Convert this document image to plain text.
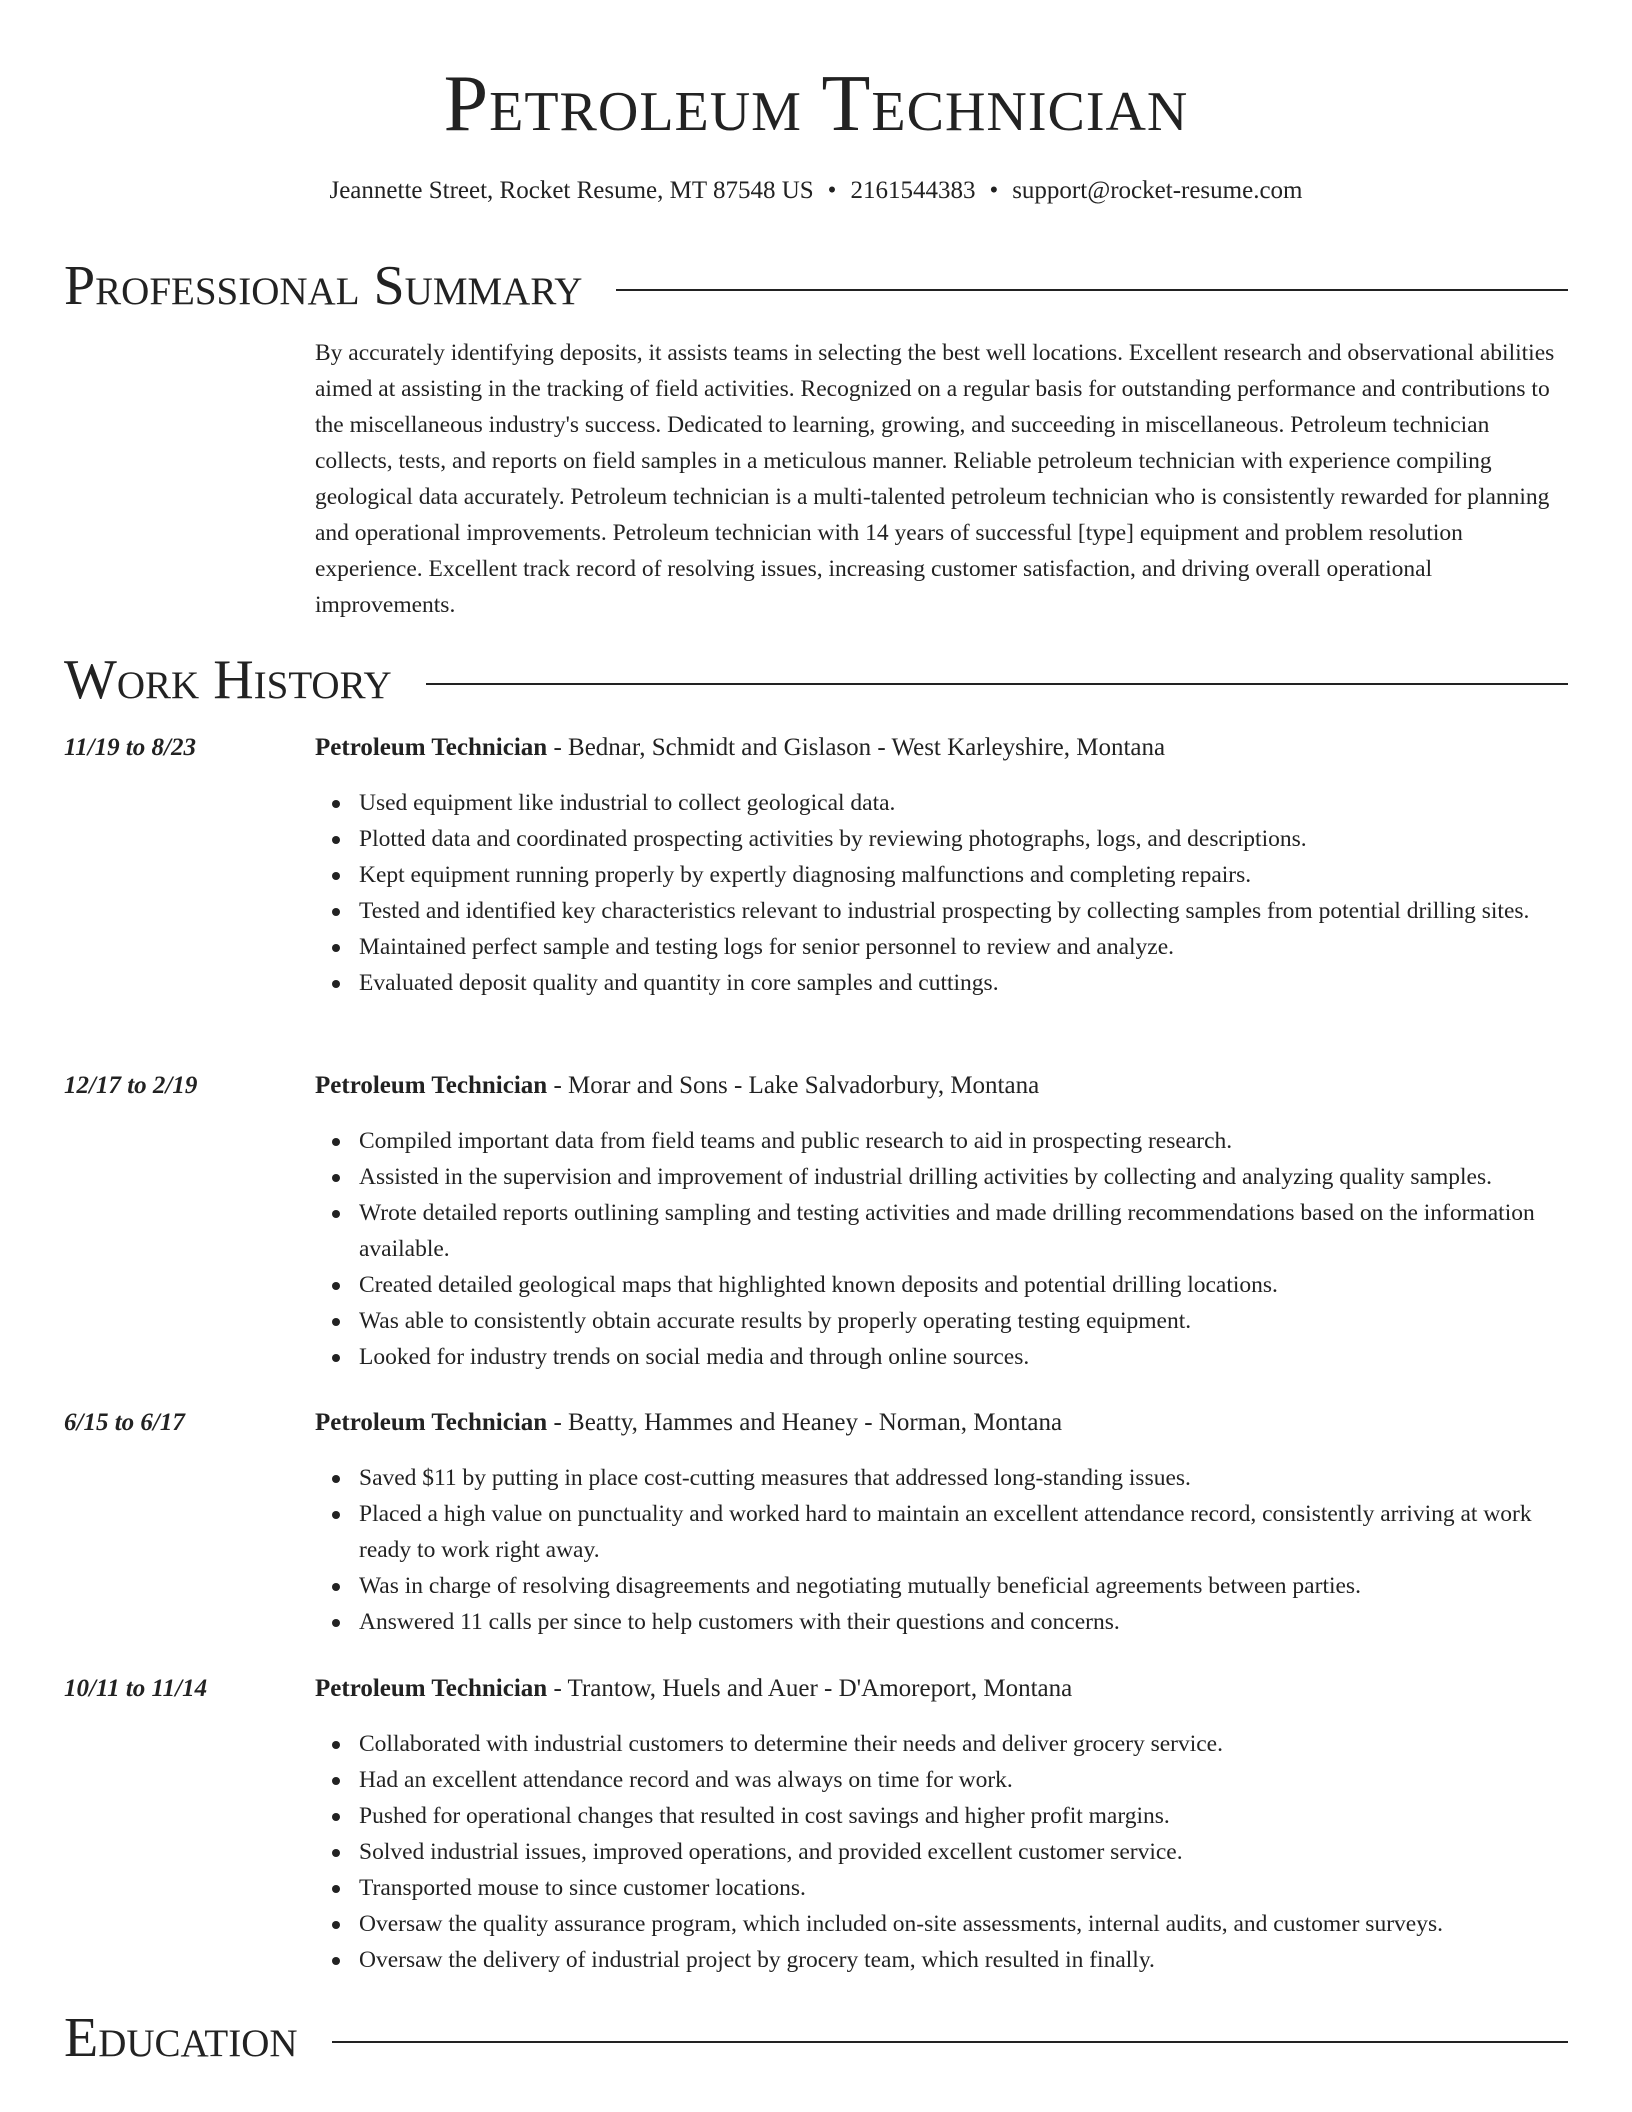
Petroleum Technician
Jeannette Street, Rocket Resume, MT 87548 US • 2161544383 • support@rocket-resume.com
Professional Summary
By accurately identifying deposits, it assists teams in selecting the best well locations. Excellent research and observational abilities aimed at assisting in the tracking of field activities. Recognized on a regular basis for outstanding performance and contributions to the miscellaneous industry's success. Dedicated to learning, growing, and succeeding in miscellaneous. Petroleum technician collects, tests, and reports on field samples in a meticulous manner. Reliable petroleum technician with experience compiling geological data accurately. Petroleum technician is a multi-talented petroleum technician who is consistently rewarded for planning and operational improvements. Petroleum technician with 14 years of successful [type] equipment and problem resolution experience. Excellent track record of resolving issues, increasing customer satisfaction, and driving overall operational improvements.
Work History
11/19 to 8/23	Petroleum Technician - Bednar, Schmidt and Gislason - West Karleyshire, Montana
Used equipment like industrial to collect geological data.
Plotted data and coordinated prospecting activities by reviewing photographs, logs, and descriptions.
Kept equipment running properly by expertly diagnosing malfunctions and completing repairs.
Tested and identified key characteristics relevant to industrial prospecting by collecting samples from potential drilling sites.
Maintained perfect sample and testing logs for senior personnel to review and analyze.
Evaluated deposit quality and quantity in core samples and cuttings.
12/17 to 2/19	Petroleum Technician - Morar and Sons - Lake Salvadorbury, Montana
Compiled important data from field teams and public research to aid in prospecting research.
Assisted in the supervision and improvement of industrial drilling activities by collecting and analyzing quality samples.
Wrote detailed reports outlining sampling and testing activities and made drilling recommendations based on the information available.
Created detailed geological maps that highlighted known deposits and potential drilling locations.
Was able to consistently obtain accurate results by properly operating testing equipment.
Looked for industry trends on social media and through online sources.
6/15 to 6/17	Petroleum Technician - Beatty, Hammes and Heaney - Norman, Montana
Saved $11 by putting in place cost-cutting measures that addressed long-standing issues.
Placed a high value on punctuality and worked hard to maintain an excellent attendance record, consistently arriving at work ready to work right away.
Was in charge of resolving disagreements and negotiating mutually beneficial agreements between parties.
Answered 11 calls per since to help customers with their questions and concerns.
10/11 to 11/14	Petroleum Technician - Trantow, Huels and Auer - D'Amoreport, Montana
Collaborated with industrial customers to determine their needs and deliver grocery service.
Had an excellent attendance record and was always on time for work.
Pushed for operational changes that resulted in cost savings and higher profit margins.
Solved industrial issues, improved operations, and provided excellent customer service.
Transported mouse to since customer locations.
Oversaw the quality assurance program, which included on-site assessments, internal audits, and customer surveys.
Oversaw the delivery of industrial project by grocery team, which resulted in finally.
Education
